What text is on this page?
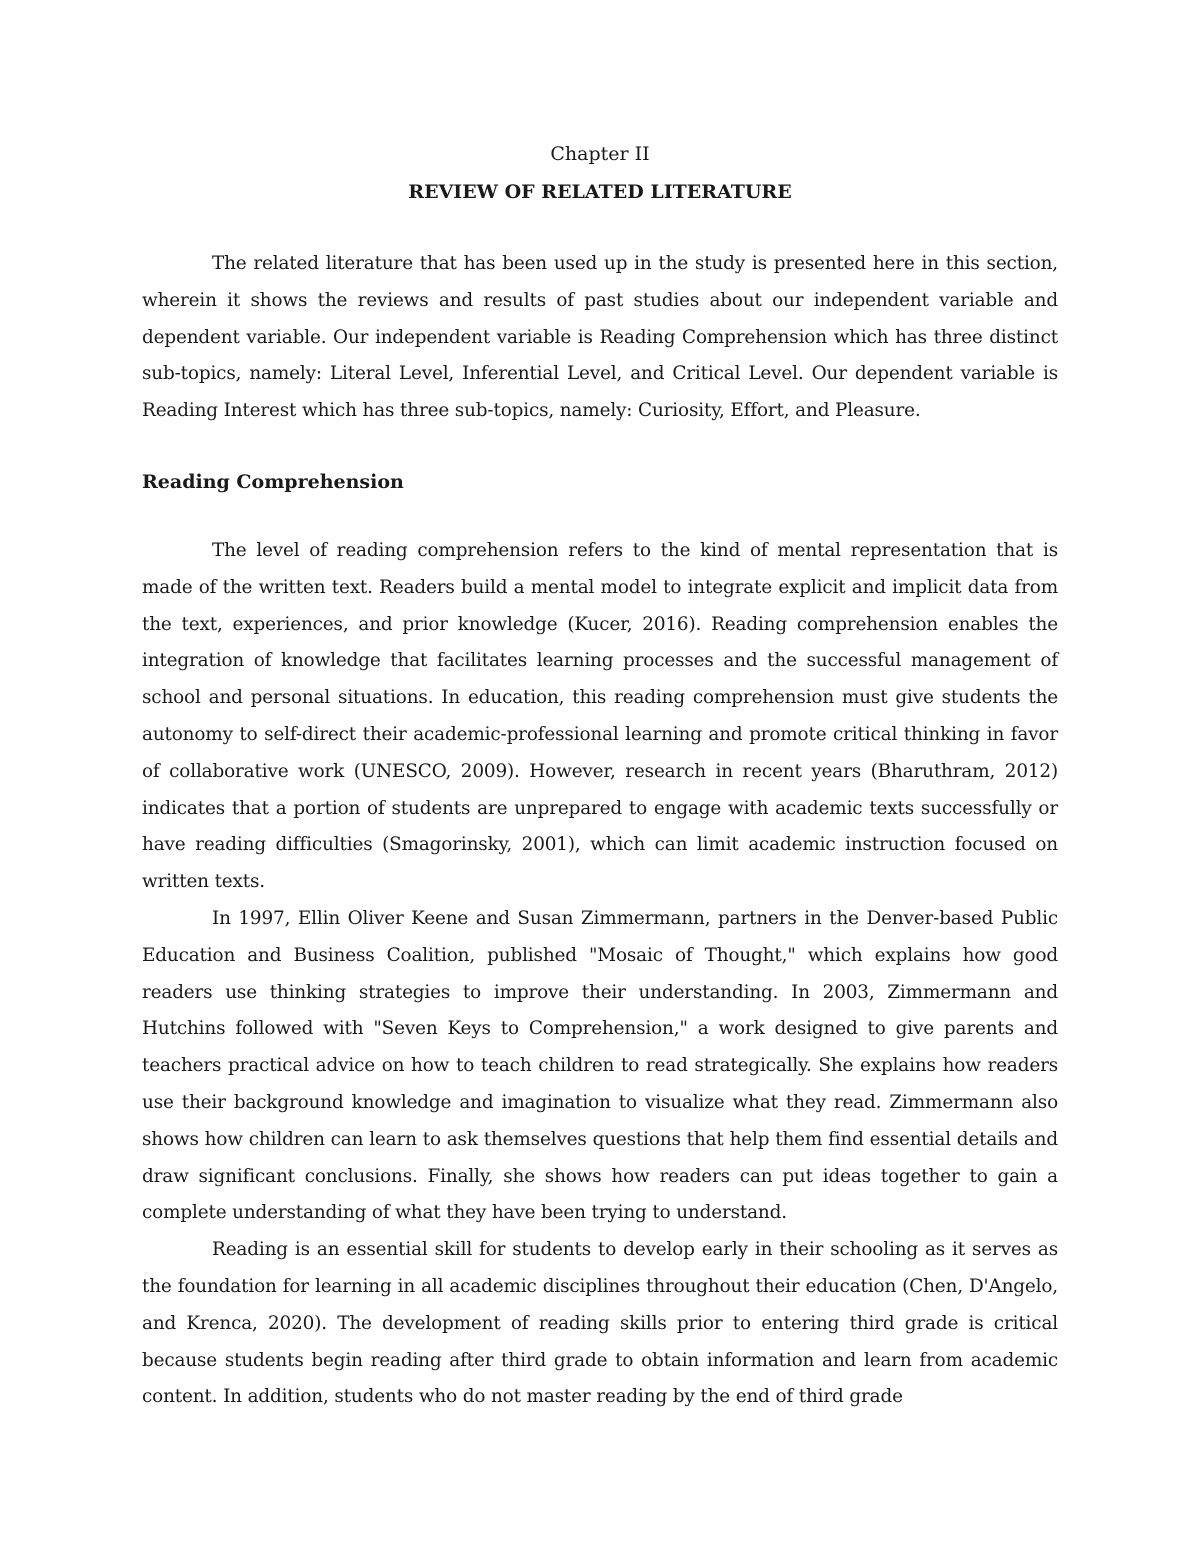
Chapter II
REVIEW OF RELATED LITERATURE

The related literature that has been used up in the study is presented here in this section, wherein it shows the reviews and results of past studies about our independent variable and dependent variable. Our independent variable is Reading Comprehension which has three distinct sub-topics, namely: Literal Level, Inferential Level, and Critical Level. Our dependent variable is Reading Interest which has three sub-topics, namely: Curiosity, Effort, and Pleasure.

Reading Comprehension

The level of reading comprehension refers to the kind of mental representation that is made of the written text. Readers build a mental model to integrate explicit and implicit data from the text, experiences, and prior knowledge (Kucer, 2016). Reading comprehension enables the integration of knowledge that facilitates learning processes and the successful management of school and personal situations. In education, this reading comprehension must give students the autonomy to self-direct their academic-professional learning and promote critical thinking in favor of collaborative work (UNESCO, 2009). However, research in recent years (Bharuthram, 2012) indicates that a portion of students are unprepared to engage with academic texts successfully or have reading difficulties (Smagorinsky, 2001), which can limit academic instruction focused on written texts.

In 1997, Ellin Oliver Keene and Susan Zimmermann, partners in the Denver-based Public Education and Business Coalition, published "Mosaic of Thought," which explains how good readers use thinking strategies to improve their understanding. In 2003, Zimmermann and Hutchins followed with "Seven Keys to Comprehension," a work designed to give parents and teachers practical advice on how to teach children to read strategically. She explains how readers use their background knowledge and imagination to visualize what they read. Zimmermann also shows how children can learn to ask themselves questions that help them find essential details and draw significant conclusions. Finally, she shows how readers can put ideas together to gain a complete understanding of what they have been trying to understand.

Reading is an essential skill for students to develop early in their schooling as it serves as the foundation for learning in all academic disciplines throughout their education (Chen, D'Angelo, and Krenca, 2020). The development of reading skills prior to entering third grade is critical because students begin reading after third grade to obtain information and learn from academic content. In addition, students who do not master reading by the end of third grade
